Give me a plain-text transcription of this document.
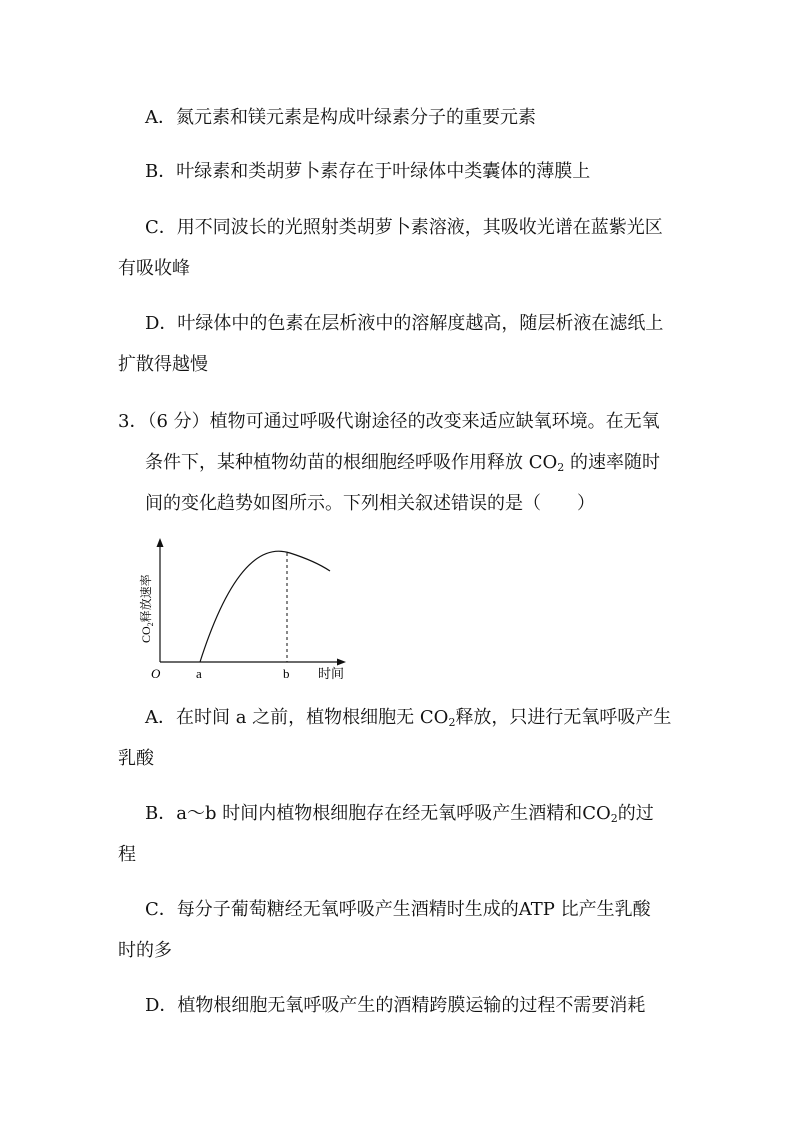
A．氮元素和镁元素是构成叶绿素分子的重要元素
B．叶绿素和类胡萝卜素存在于叶绿体中类囊体的薄膜上
C．用不同波长的光照射类胡萝卜素溶液，其吸收光谱在蓝紫光区
有吸收峰
D．叶绿体中的色素在层析液中的溶解度越高，随层析液在滤纸上
扩散得越慢
3．（6 分）植物可通过呼吸代谢途径的改变来适应缺氧环境。在无氧
条件下，某种植物幼苗的根细胞经呼吸作用释放 $CO_2$ 的速率随时
间的变化趋势如图所示。下列相关叙述错误的是（　　）
O	a	b 时间
$CO_2$释放速率
A．在时间 a 之前，植物根细胞无 $CO_2$释放，只进行无氧呼吸产生
乳酸
B．a～b 时间内植物根细胞存在经无氧呼吸产生酒精和$CO_2$的过
程
C．每分子葡萄糖经无氧呼吸产生酒精时生成的ATP 比产生乳酸
时的多
D．植物根细胞无氧呼吸产生的酒精跨膜运输的过程不需要消耗
